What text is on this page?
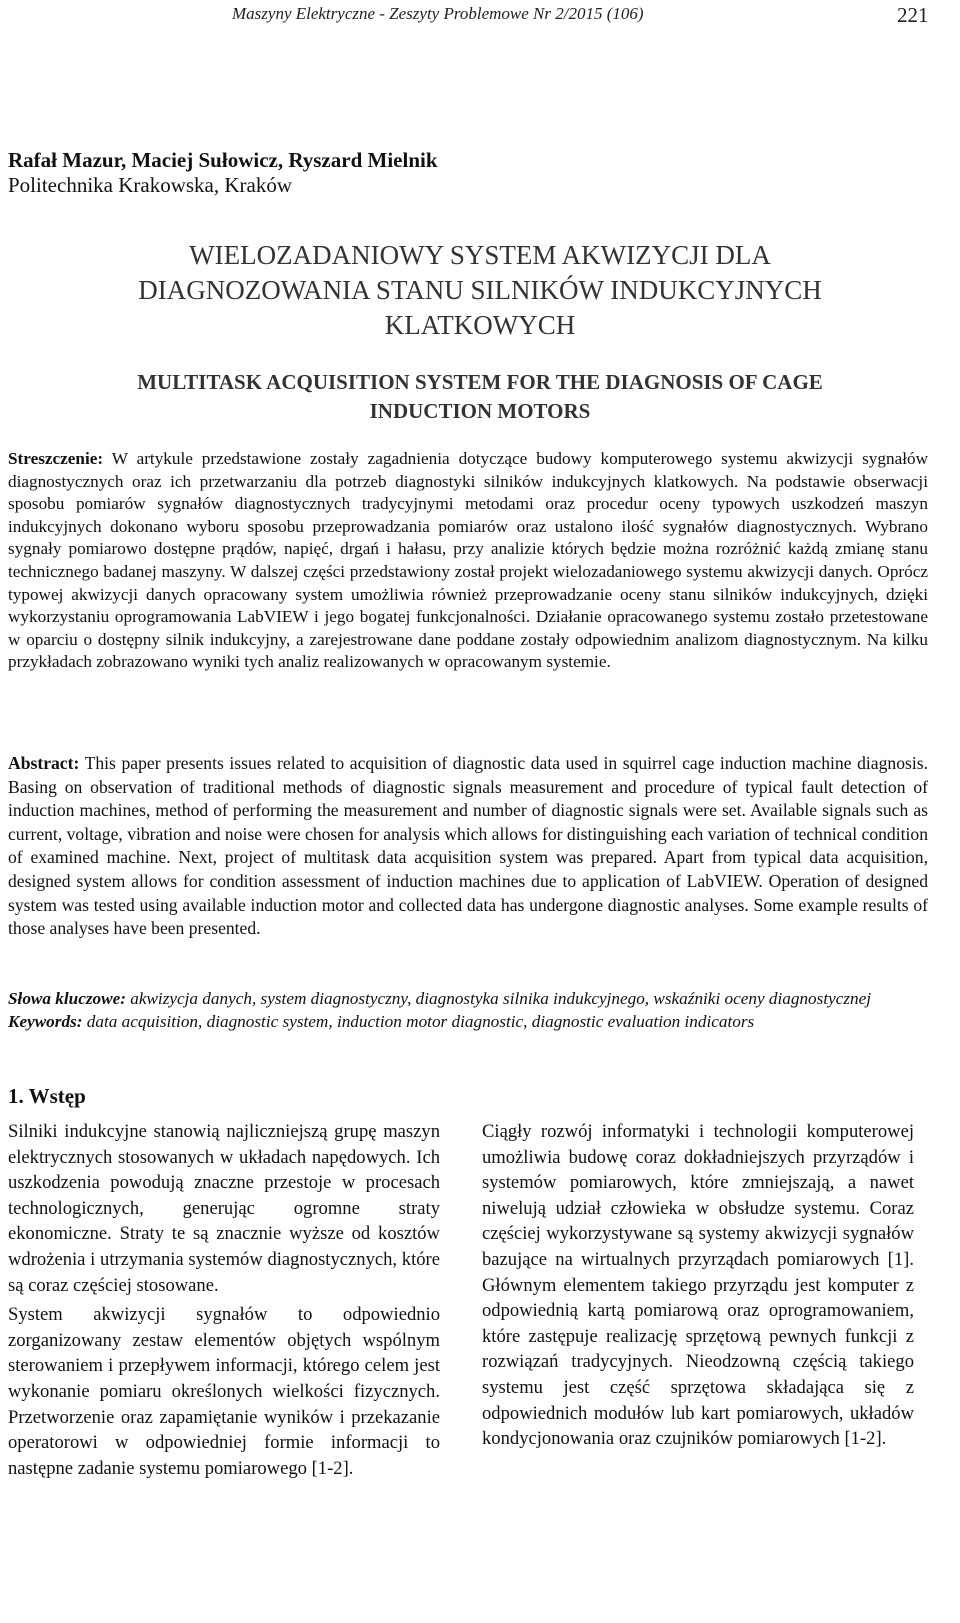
Maszyny Elektryczne - Zeszyty Problemowe Nr 2/2015 (106)	221
Rafał Mazur, Maciej Sułowicz, Ryszard Mielnik
Politechnika Krakowska, Kraków
WIELOZADANIOWY SYSTEM AKWIZYCJI DLA
DIAGNOZOWANIA STANU SILNIKÓW INDUKCYJNYCH
KLATKOWYCH
MULTITASK ACQUISITION SYSTEM FOR THE DIAGNOSIS OF CAGE
INDUCTION MOTORS
Streszczenie: W artykule przedstawione zostały zagadnienia dotyczące budowy komputerowego systemu akwizycji sygnałów diagnostycznych oraz ich przetwarzaniu dla potrzeb diagnostyki silników indukcyjnych klatkowych. Na podstawie obserwacji sposobu pomiarów sygnałów diagnostycznych tradycyjnymi metodami oraz procedur oceny typowych uszkodzeń maszyn indukcyjnych dokonano wyboru sposobu przeprowadzania pomiarów oraz ustalono ilość sygnałów diagnostycznych. Wybrano sygnały pomiarowo dostępne prądów, napięć, drgań i hałasu, przy analizie których będzie można rozróżnić każdą zmianę stanu technicznego badanej maszyny. W dalszej części przedstawiony został projekt wielozadaniowego systemu akwizycji danych. Oprócz typowej akwizycji danych opracowany system umożliwia również przeprowadzanie oceny stanu silników indukcyjnych, dzięki wykorzystaniu oprogramowania LabVIEW i jego bogatej funkcjonalności. Działanie opracowanego systemu zostało przetestowane w oparciu o dostępny silnik indukcyjny, a zarejestrowane dane poddane zostały odpowiednim analizom diagnostycznym. Na kilku przykładach zobrazowano wyniki tych analiz realizowanych w opracowanym systemie.
Abstract: This paper presents issues related to acquisition of diagnostic data used in squirrel cage induction machine diagnosis. Basing on observation of traditional methods of diagnostic signals measurement and procedure of typical fault detection of induction machines, method of performing the measurement and number of diagnostic signals were set. Available signals such as current, voltage, vibration and noise were chosen for analysis which allows for distinguishing each variation of technical condition of examined machine. Next, project of multitask data acquisition system was prepared. Apart from typical data acquisition, designed system allows for condition assessment of induction machines due to application of LabVIEW. Operation of designed system was tested using available induction motor and collected data has undergone diagnostic analyses. Some example results of those analyses have been presented.

Słowa kluczowe: akwizycja danych, system diagnostyczny, diagnostyka silnika indukcyjnego, wskaźniki oceny diagnostycznej

Keywords: data acquisition, diagnostic system, induction motor diagnostic, diagnostic evaluation indicators

1. Wstęp

Silniki indukcyjne stanowią najliczniejszą grupę maszyn elektrycznych stosowanych w układach napędowych. Ich uszkodzenia powodują znaczne przestoje w procesach technologicznych, generując ogromne straty ekonomiczne. Straty te są znacznie wyższe od kosztów wdrożenia i utrzymania systemów diagnostycznych, które są coraz częściej stosowane.

System akwizycji sygnałów to odpowiednio zorganizowany zestaw elementów objętych wspólnym sterowaniem i przepływem informacji, którego celem jest wykonanie pomiaru określonych wielkości fizycznych. Przetworzenie oraz zapamiętanie wyników i przekazanie operatorowi w odpowiedniej formie informacji to następne zadanie systemu pomiarowego [1-2].

Ciągły rozwój informatyki i technologii komputerowej umożliwia budowę coraz dokładniejszych przyrządów i systemów pomiarowych, które zmniejszają, a nawet niwelują udział człowieka w obsłudze systemu. Coraz częściej wykorzystywane są systemy akwizycji sygnałów bazujące na wirtualnych przyrządach pomiarowych [1]. Głównym elementem takiego przyrządu jest komputer z odpowiednią kartą pomiarową oraz oprogramowaniem, które zastępuje realizację sprzętową pewnych funkcji z rozwiązań tradycyjnych. Nieodzowną częścią takiego systemu jest część sprzętowa składająca się z odpowiednich modułów lub kart pomiarowych, układów kondycjonowania oraz czujników pomiarowych [1-2].
